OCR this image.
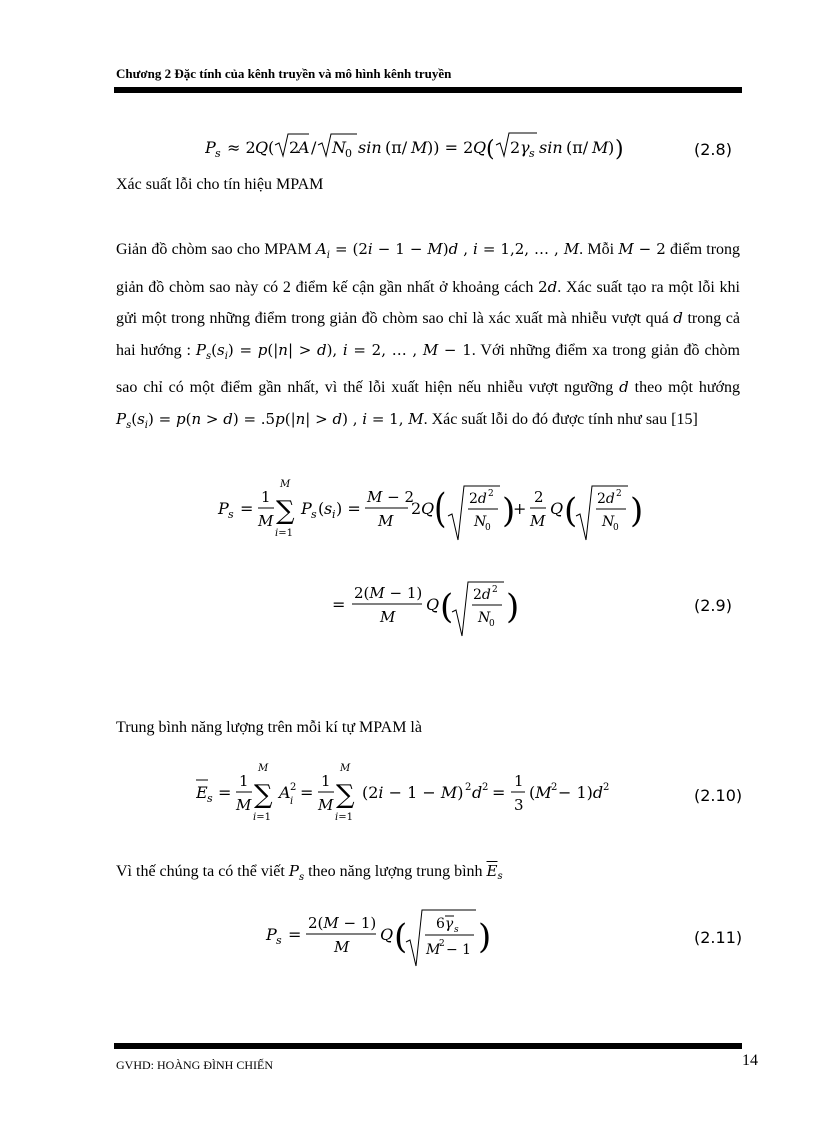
Chương 2 Đặc tính của kênh truyền và mô hình kênh truyền
P s ≈ 2 Q ( 2
A / N 0 sin (π/ M )) = 2 Q ( 2 γ s sin (π/ M ) )	(2.8)
Xác suất lỗi cho tín hiệu MPAM
Giản đồ chòm sao cho MPAM $A_i = (2i - 1 - M)d$ , i = 1,2, … , M. Mỗi M − 2 điểm trong giản đồ chòm sao này có 2 điểm kế cận gần nhất ở khoảng cách 2d. Xác suất tạo ra một lỗi khi gửi một trong những điểm trong giản đồ chòm sao chỉ là xác xuất mà nhiễu vượt quá d trong cả hai hướng : $P_s(s_i) = p(|n| > d)$, i = 2, … , M − 1. Với những điểm xa trong giản đồ chòm sao chỉ có một điểm gần nhất, vì thế lỗi xuất hiện nếu nhiễu vượt ngưỡng d theo một hướng $P_s(s_i) = p(n > d) = .5p(|n| > d)$ , i = 1, M. Xác suất lỗi do đó được tính như sau [15]
P s =
1
M
M
∑
i=1
P s ( s i ) =
M − 2
M
2 Q ( 2d 2
N
0 )
+
2
M
Q ( 2d 2
N
0 )
=
2(M − 1)
M
Q ( 2d 2
N
0 )	(2.9)
Trung bình năng lượng trên mỗi kí tự MPAM là
E s =
1
M
M
∑
i=1
A 2
i =
1
M
M
∑
i=1
(2i − 1 − M) 2 d 2 =
1
3
(M 2 − 1)d 2	(2.10)
Vì thế chúng ta có thể viết $P_s$ theo năng lượng trung bình $\overline{E}s$
P s =
2(M − 1)
M
Q ( 6γ s
M
2 − 1 )	(2.11)
GVHD: HOÀNG ĐÌNH CHIẾN	14
